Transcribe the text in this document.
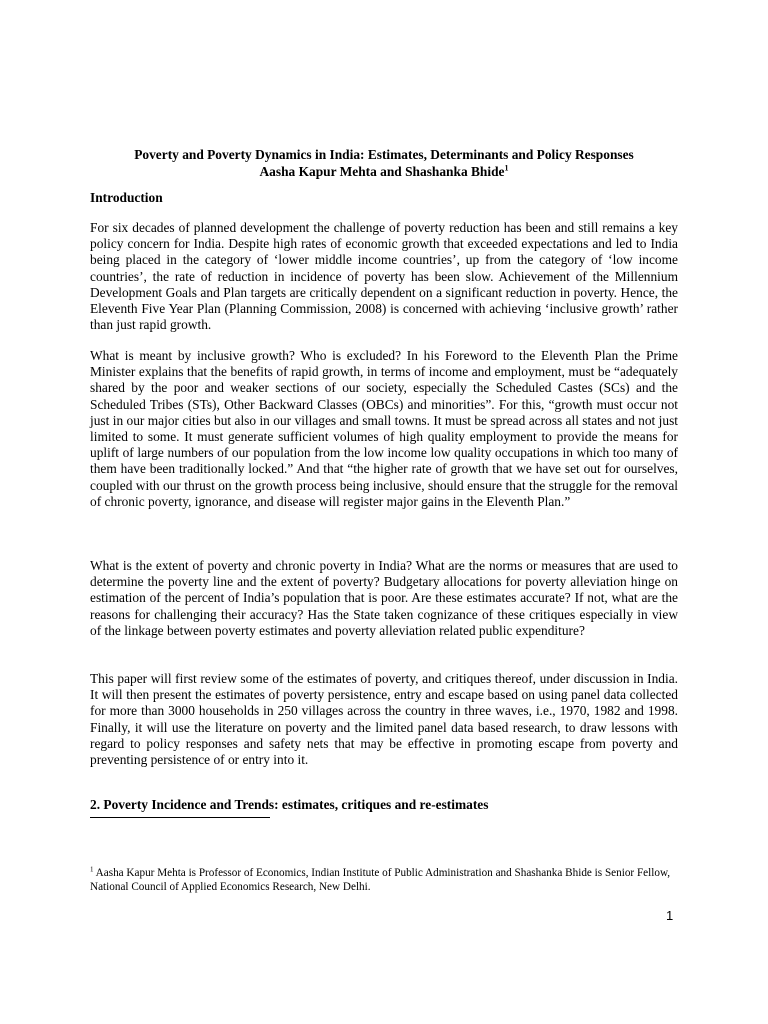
Poverty and Poverty Dynamics in India: Estimates, Determinants and Policy Responses
Aasha Kapur Mehta and Shashanka Bhide$^1$
Introduction

For six decades of planned development the challenge of poverty reduction has been and still remains a key policy concern for India. Despite high rates of economic growth that exceeded expectations and led to India being placed in the category of ‘lower middle income countries’, up from the category of ‘low income countries’, the rate of reduction in incidence of poverty has been slow. Achievement of the Millennium Development Goals and Plan targets are critically dependent on a significant reduction in poverty. Hence, the Eleventh Five Year Plan (Planning Commission, 2008) is concerned with achieving ‘inclusive growth’ rather than just rapid growth.

What is meant by inclusive growth? Who is excluded? In his Foreword to the Eleventh Plan the Prime Minister explains that the benefits of rapid growth, in terms of income and employment, must be “adequately shared by the poor and weaker sections of our society, especially the Scheduled Castes (SCs) and the Scheduled Tribes (STs), Other Backward Classes (OBCs) and minorities”. For this, “growth must occur not just in our major cities but also in our villages and small towns. It must be spread across all states and not just limited to some. It must generate sufficient volumes of high quality employment to provide the means for uplift of large numbers of our population from the low income low quality occupations in which too many of them have been traditionally locked.” And that “the higher rate of growth that we have set out for ourselves, coupled with our thrust on the growth process being inclusive, should ensure that the struggle for the removal of chronic poverty, ignorance, and disease will register major gains in the Eleventh Plan.”

What is the extent of poverty and chronic poverty in India? What are the norms or measures that are used to determine the poverty line and the extent of poverty? Budgetary allocations for poverty alleviation hinge on estimation of the percent of India’s population that is poor. Are these estimates accurate? If not, what are the reasons for challenging their accuracy? Has the State taken cognizance of these critiques especially in view of the linkage between poverty estimates and poverty alleviation related public expenditure?

This paper will first review some of the estimates of poverty, and critiques thereof, under discussion in India. It will then present the estimates of poverty persistence, entry and escape based on using panel data collected for more than 3000 households in 250 villages across the country in three waves, i.e., 1970, 1982 and 1998. Finally, it will use the literature on poverty and the limited panel data based research, to draw lessons with regard to policy responses and safety nets that may be effective in promoting escape from poverty and preventing persistence of or entry into it.

2. Poverty Incidence and Trends: estimates, critiques and re-estimates
$^1$ Aasha Kapur Mehta is Professor of Economics, Indian Institute of Public Administration and Shashanka Bhide is Senior Fellow, National Council of Applied Economics Research, New Delhi.
1
